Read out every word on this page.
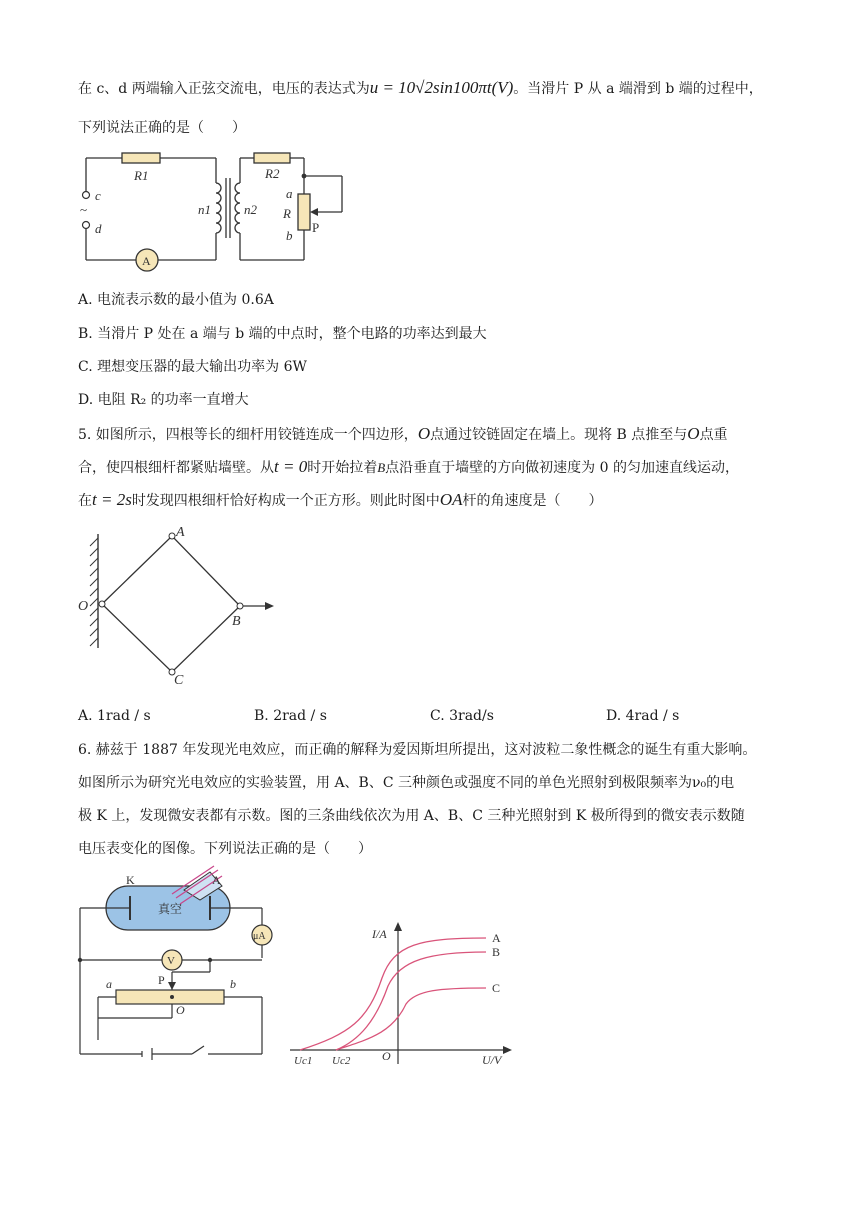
在 c、d 两端输入正弦交流电，电压的表达式为u = 10√2sin100πt(V)。当滑片 P 从 a 端滑到 b 端的过程中，
下列说法正确的是（　　）
R1
c
~
d
n1	n2
R2
a
R
b
P
A
A. 电流表示数的最小值为 0.6A
B. 当滑片 P 处在 a 端与 b 端的中点时，整个电路的功率达到最大
C. 理想变压器的最大输出功率为 6W
D. 电阻 R₂ 的功率一直增大
5. 如图所示，四根等长的细杆用铰链连成一个四边形，O点通过铰链固定在墙上。现将 B 点推至与O点重
合，使四根细杆都紧贴墙壁。从t = 0时开始拉着B点沿垂直于墙壁的方向做初速度为 0 的匀加速直线运动，
在t = 2s时发现四根细杆恰好构成一个正方形。则此时图中OA杆的角速度是（　　）
A
B
C
O
A. 1rad / s	B. 2rad / s	C. 3rad/s	D. 4rad / s
6. 赫兹于 1887 年发现光电效应，而正确的解释为爱因斯坦所提出，这对波粒二象性概念的诞生有重大影响。
如图所示为研究光电效应的实验装置，用 A、B、C 三种颜色或强度不同的单色光照射到极限频率为ν₀的电
极 K 上，发现微安表都有示数。图的三条曲线依次为用 A、B、C 三种光照射到 K 极所得到的微安表示数随
电压表变化的图像。下列说法正确的是（　　）
K	A
真空
μA
V
P
a	b
O
I/A
U/V
O
Uc1 Uc2
A
B
C
